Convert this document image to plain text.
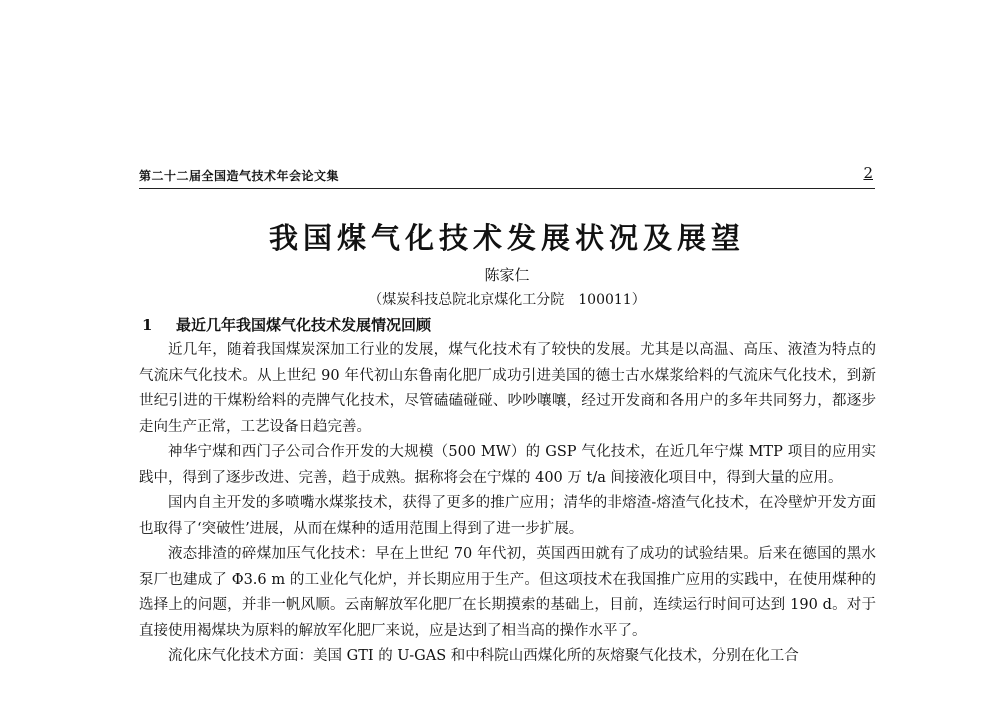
第二十二届全国造气技术年会论文集	2
我国煤气化技术发展状况及展望
陈家仁
（煤炭科技总院北京煤化工分院　100011）
1 最近几年我国煤气化技术发展情况回顾

近几年，随着我国煤炭深加工行业的发展，煤气化技术有了较快的发展。尤其是以高温、高压、液渣为特点的气流床气化技术。从上世纪 90 年代初山东鲁南化肥厂成功引进美国的德士古水煤浆给料的气流床气化技术，到新世纪引进的干煤粉给料的壳牌气化技术，尽管磕磕碰碰、吵吵嚷嚷，经过开发商和各用户的多年共同努力，都逐步走向生产正常，工艺设备日趋完善。

神华宁煤和西门子公司合作开发的大规模（500 MW）的 GSP 气化技术，在近几年宁煤 MTP 项目的应用实践中，得到了逐步改进、完善，趋于成熟。据称将会在宁煤的 400 万 t/a 间接液化项目中，得到大量的应用。

国内自主开发的多喷嘴水煤浆技术，获得了更多的推广应用；清华的非熔渣-熔渣气化技术，在冷壁炉开发方面也取得了‘突破性’进展，从而在煤种的适用范围上得到了进一步扩展。

液态排渣的碎煤加压气化技术：早在上世纪 70 年代初，英国西田就有了成功的试验结果。后来在德国的黑水泵厂也建成了 Φ3.6 m 的工业化气化炉，并长期应用于生产。但这项技术在我国推广应用的实践中，在使用煤种的选择上的问题，并非一帆风顺。云南解放军化肥厂在长期摸索的基础上，目前，连续运行时间可达到 190 d。对于直接使用褐煤块为原料的解放军化肥厂来说，应是达到了相当高的操作水平了。

流化床气化技术方面：美国 GTI 的 U-GAS 和中科院山西煤化所的灰熔聚气化技术，分别在化工合
